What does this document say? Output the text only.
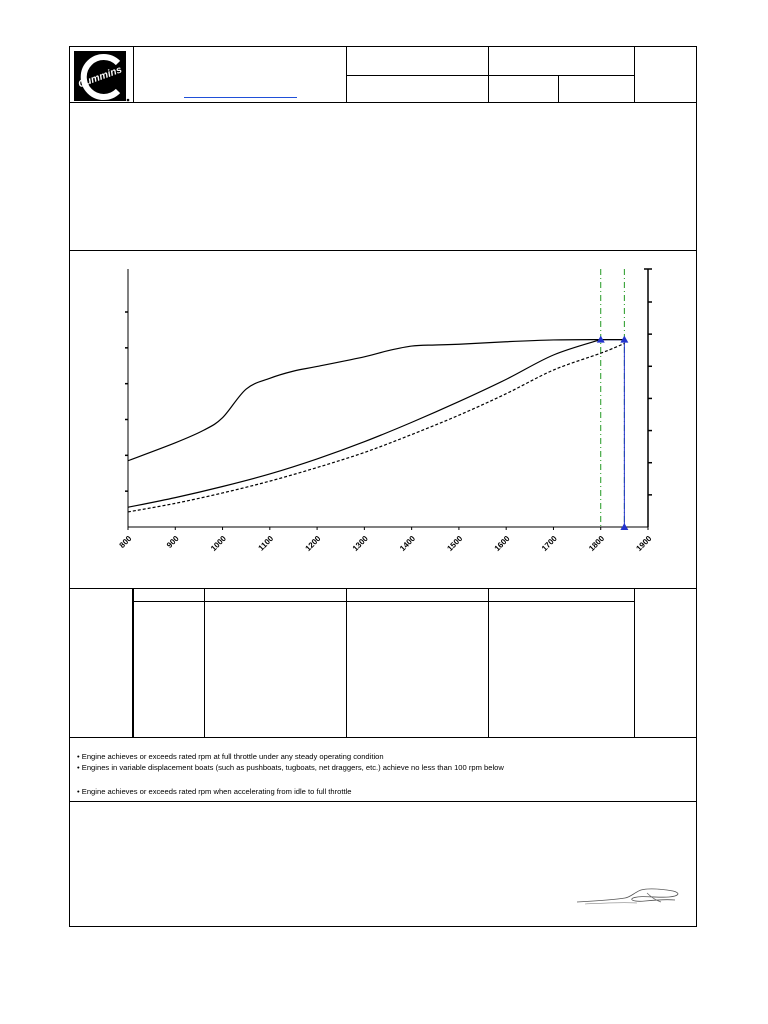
Cummins
800	900	1000	1100	1200	1300	1400	1500	1600	1700	1800	1900
• Engine achieves or exceeds rated rpm at full throttle under any steady operating condition
• Engines in variable displacement boats (such as pushboats, tugboats, net draggers, etc.) achieve no less than 100 rpm below
• Engine achieves or exceeds rated rpm when accelerating from idle to full throttle
